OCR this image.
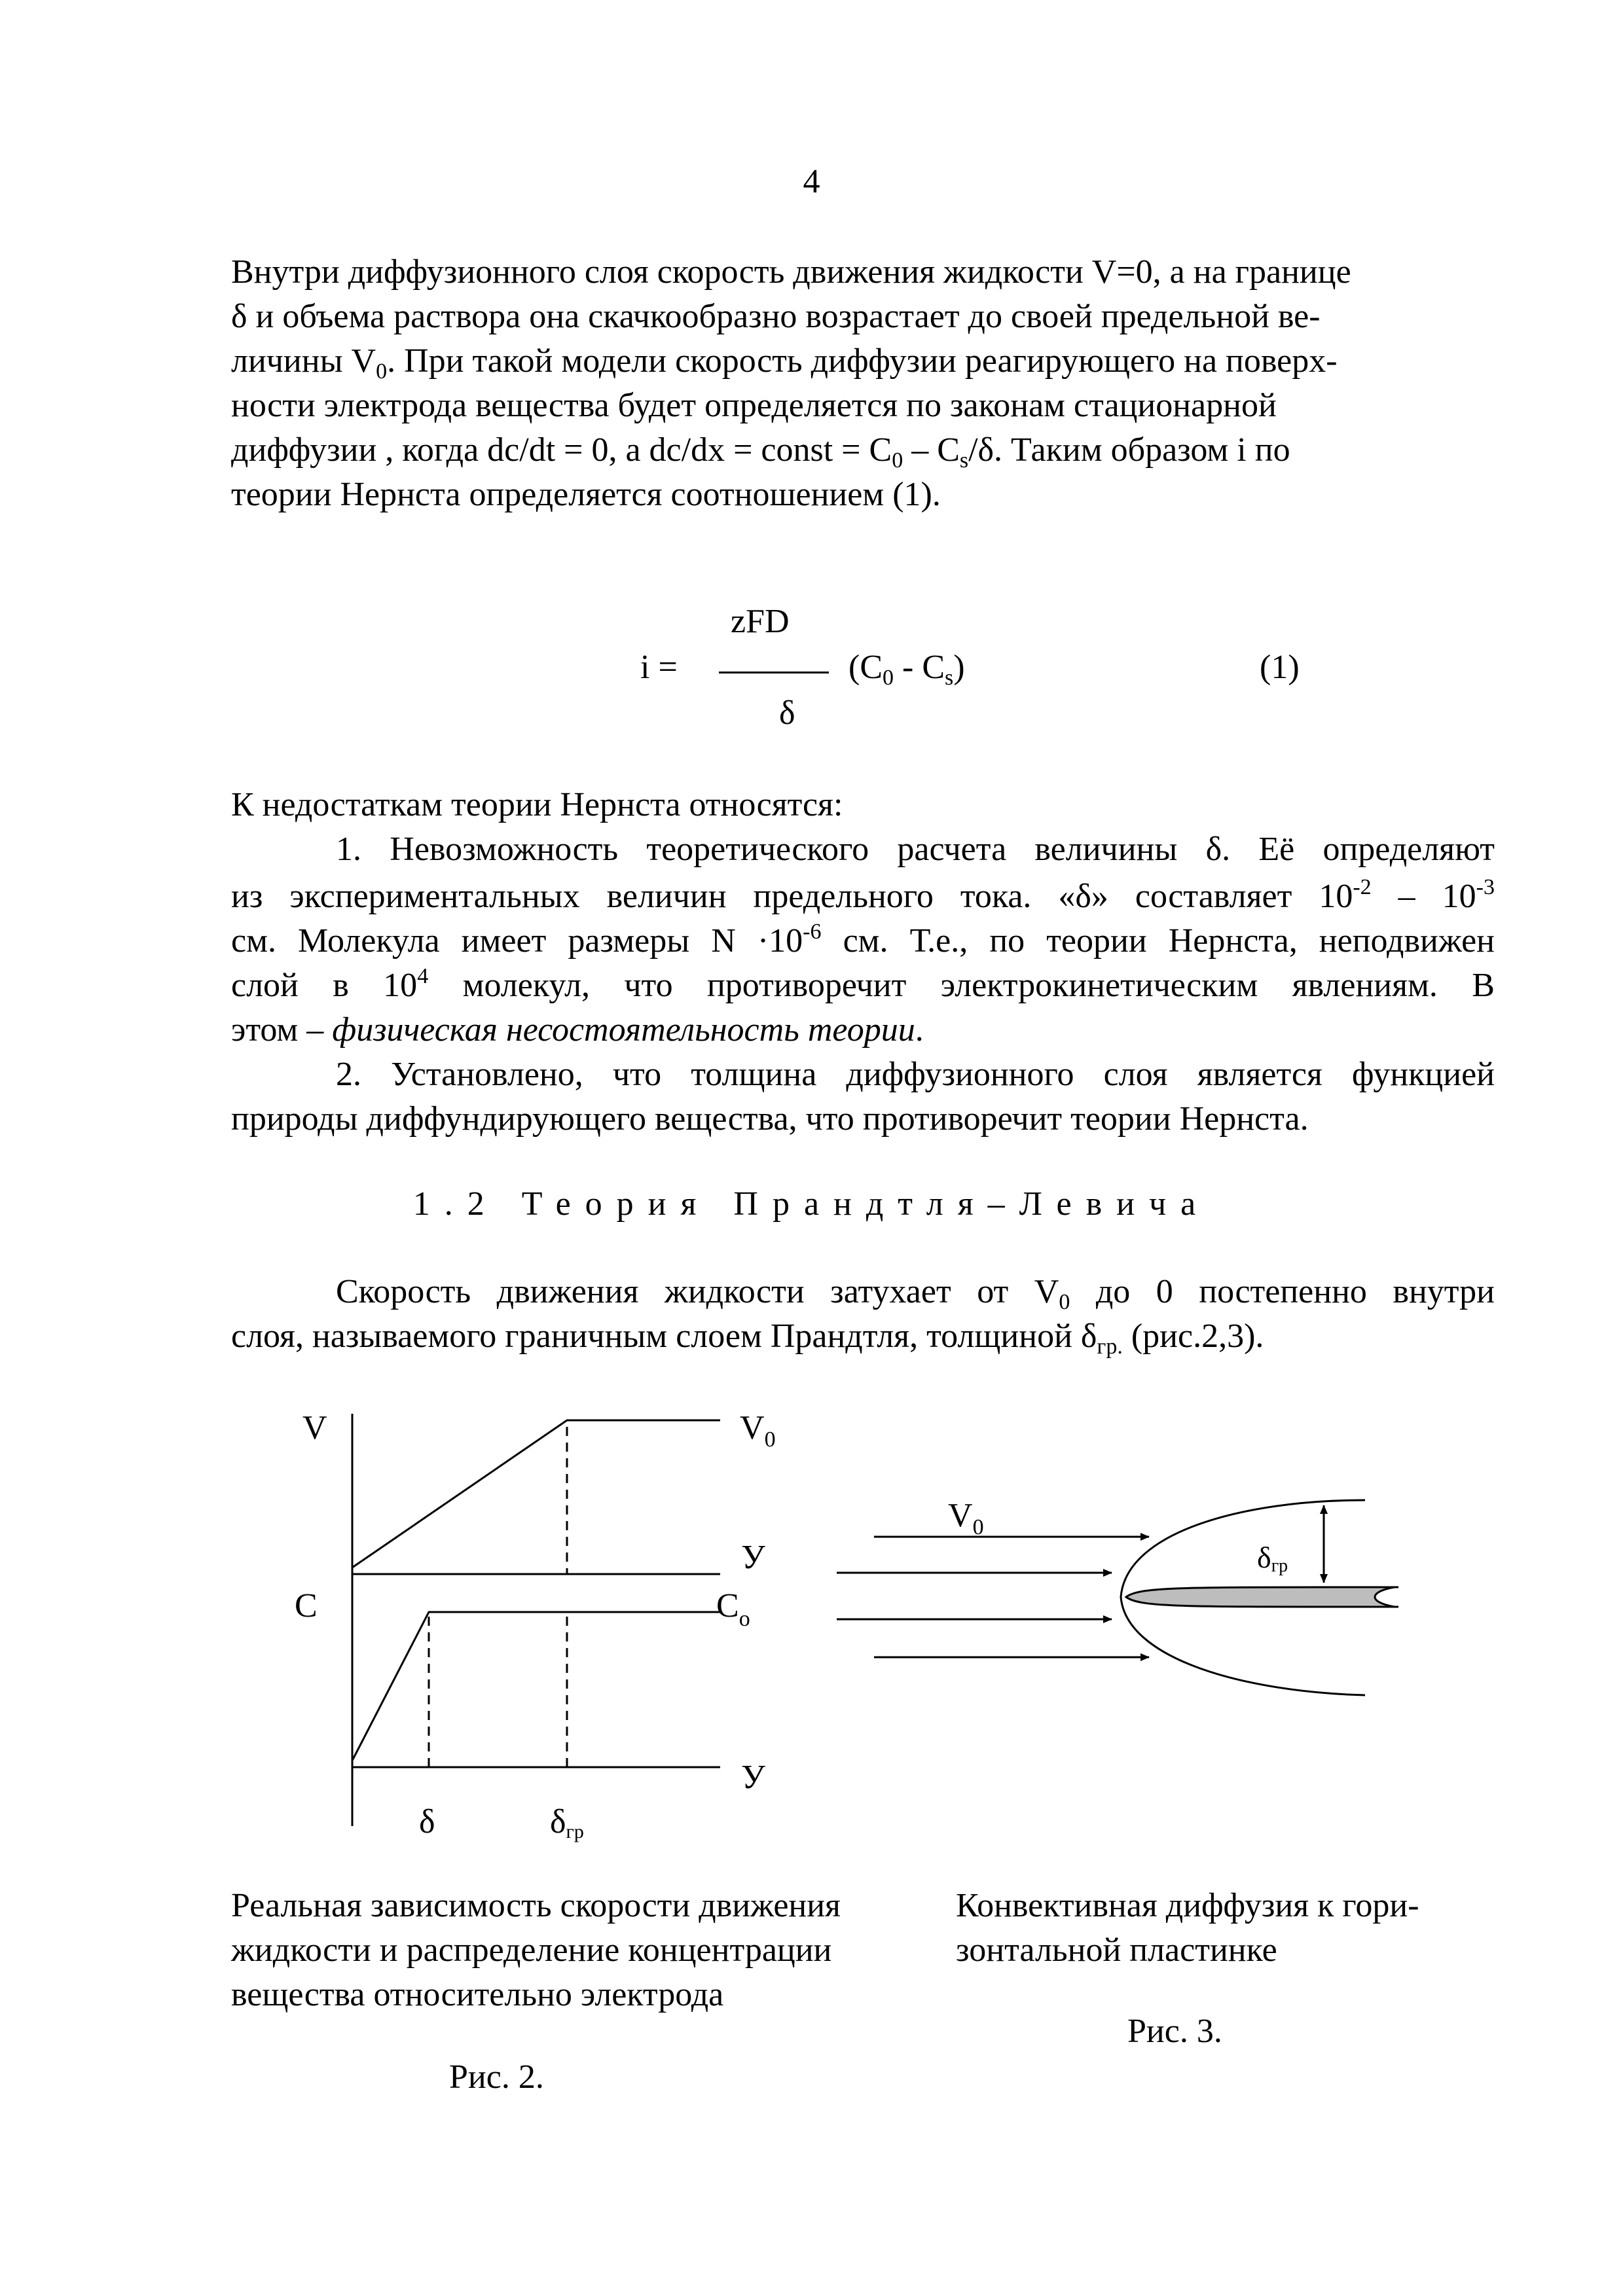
4
Внутри диффузионного слоя скорость движения жидкости V=0, а на границе
δ и объема раствора она скачкообразно возрастает до своей предельной ве-
личины $V_0$. При такой модели скорость диффузии реагирующего на поверх-
ности электрода вещества будет определяется по законам стационарной
диффузии , когда dc/dt = 0, а dc/dx = const = $C_0 - C_s/\delta$. Таким образом i по
теории Нернста определяется соотношением (1).
i =
zFD
δ
$(C_0 - C_s)$	(1)
К недостаткам теории Нернста относятся:
1. Невозможность теоретического расчета величины δ. Её определяют
из экспериментальных величин предельного тока. «δ» составляет $10^{-2} - 10^{-3}$
см. Молекула имеет размеры $N \cdot 10^{-6}$ см. Т.е., по теории Нернста, неподвижен
слой в $10^4$ молекул, что противоречит электрокинетическим явлениям. В
этом – физическая несостоятельность теории.
2. Установлено, что толщина диффузионного слоя является функцией
природы диффундирующего вещества, что противоречит теории Нернста.
1.2 Теория Прандтля–Левича
Скорость движения жидкости затухает от $V_0$ до 0 постепенно внутри
слоя, называемого граничным слоем Прандтля, толщиной $\delta_{гр.}$ (рис.2,3).
V	$V_0$
У
С	$C_o$
У
δ	δгр
$V_0$
δгр
Реальная зависимость скорости движения
жидкости и распределение концентрации
вещества относительно электрода
Рис. 2.
Конвективная диффузия к гори-
зонтальной пластинке
Рис. 3.
